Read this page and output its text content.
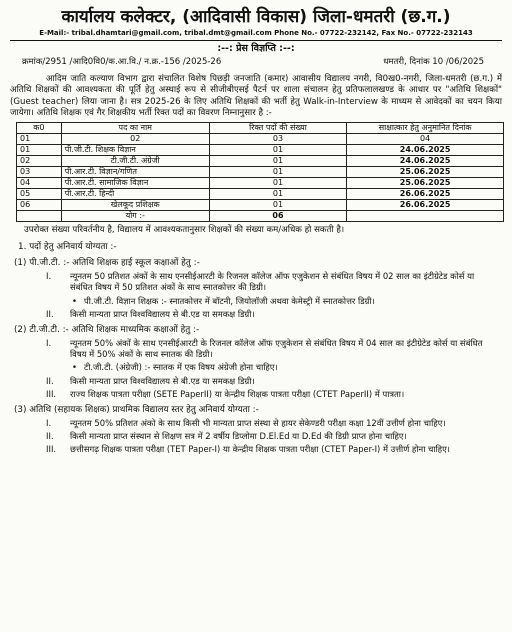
कार्यालय कलेक्टर, (आदिवासी विकास) जिला-धमतरी (छ.ग.)
E-Mail:- tribal.dhamtari@gmail.com, tribal.dmt@gmail.com Phone No.- 07722-232142, Fax No.- 07722-232143
:--: प्रेस विज्ञप्ति :--:
क्रमांक/2951 /आदि0वि0/क.आ.वि./ न.क्र.-156 /2025-26	धमतरी, दिनांक 10 /06/2025

आदिम जाति कल्याण विभाग द्वारा संचालित विशेष पिछड़ी जनजाति (कमार) आवासीय विद्यालय नगरी, वि0ख0-नगरी, जिला-धमतरी (छ.ग.) में अतिथि शिक्षकों की आवश्यकता की पूर्ति हेतु अस्थाई रूप से सीजीबीएसई पैटर्न पर शाला संचालन हेतु प्रतिफलालखण्ड के आधार पर "अतिथि शिक्षकों" (Guest teacher) लिया जाना है। सत्र 2025-26 के लिए अतिथि शिक्षकों की भर्ती हेतु Walk-in-Interview के माध्यम से आवेदकों का चयन किया जायेगा। अतिथि शिक्षक एवं गैर शिक्षकीय भर्ती रिक्त पदों का विवरण निम्नानुसार है :-

क0	पद का नाम	रिक्त पदों की संख्या	साक्षात्कार हेतु अनुमानित दिनांक
01	02	03	04
01	पी.जी.टी. शिक्षक विज्ञान	01	24.06.2025
02	टी.जी.टी. अंग्रेजी	01	24.06.2025
03	पी.आर.टी. विज्ञान/गणित	01	25.06.2025
04	पी.आर.टी. सामाजिक विज्ञान	01	25.06.2025
05	पी.आर.टी. हिन्दी	01	26.06.2025
06	खेलकूद प्रशिक्षक	01	26.06.2025
	योग :-	06	

उपरोक्त संख्या परिवर्तनीय है, विद्यालय में आवश्यकतानुसार शिक्षकों की संख्या कम/अधिक हो सकती है।

1. पदों हेतु अनिवार्य योग्यता :-
(1) पी.जी.टी. :- अतिथि शिक्षक हाई स्कूल कक्षाओं हेतु :-
I. न्यूनतम 50 प्रतिशत अंकों के साथ एनसीईआरटी के रिजनल कॉलेज ऑफ एजुकेशन से संबंधित विषय में 02 साल का इंटीग्रेटेड कोर्स या संबंधित विषय में 50 प्रतिशत अंकों के साथ स्नातकोत्तर की डिग्री।
• पी.जी.टी. विज्ञान शिक्षक :- स्नातकोत्तर में बॉटनी, जियोलॉजी अथवा केमेस्ट्री में स्नातकोत्तर डिग्री।
II. किसी मान्यता प्राप्त विश्वविद्यालय से बी.एड या समकक्ष डिग्री।
(2) टी.जी.टी. :- अतिथि शिक्षक माध्यमिक कक्षाओं हेतु :-
I. न्यूनतम 50% अंकों के साथ एनसीईआरटी के रिजनल कॉलेज ऑफ एजुकेशन से संबंधित विषय में 04 साल का इंटीग्रेटेड कोर्स या संबंधित विषय में 50% अंकों के साथ स्नातक की डिग्री।
• टी.जी.टी. (अंग्रेजी) :- स्नातक में एक विषय अंग्रेजी होना चाहिए।
II. किसी मान्यता प्राप्त विश्वविद्यालय से बी.एड या समकक्ष डिग्री।
III. राज्य शिक्षक पात्रता परीक्षा (SETE PaperII) या केन्द्रीय शिक्षक पात्रता परीक्षा (CTET PaperII) में पात्रता।
(3) अतिथि (सहायक शिक्षक) प्राथमिक विद्यालय स्तर हेतु अनिवार्य योग्यता :-
I. न्यूनतम 50% प्रतिशत अंको के साथ किसी भी मान्यता प्राप्त संस्था से हायर सेकेण्डरी परीक्षा कक्षा 12वीं उत्तीर्ण होना चाहिए।
II. किसी मान्यता प्राप्त संस्थान से शिक्षण सत्र में 2 वर्षीय डिप्लोमा D.El.Ed या D.Ed की डिग्री प्राप्त होना चाहिए।
III. छत्तीसगढ़ शिक्षक पात्रता परीक्षा (TET Paper-I) या केन्द्रीय शिक्षक पात्रता परीक्षा (CTET Paper-I) में उत्तीर्ण होना चाहिए।
